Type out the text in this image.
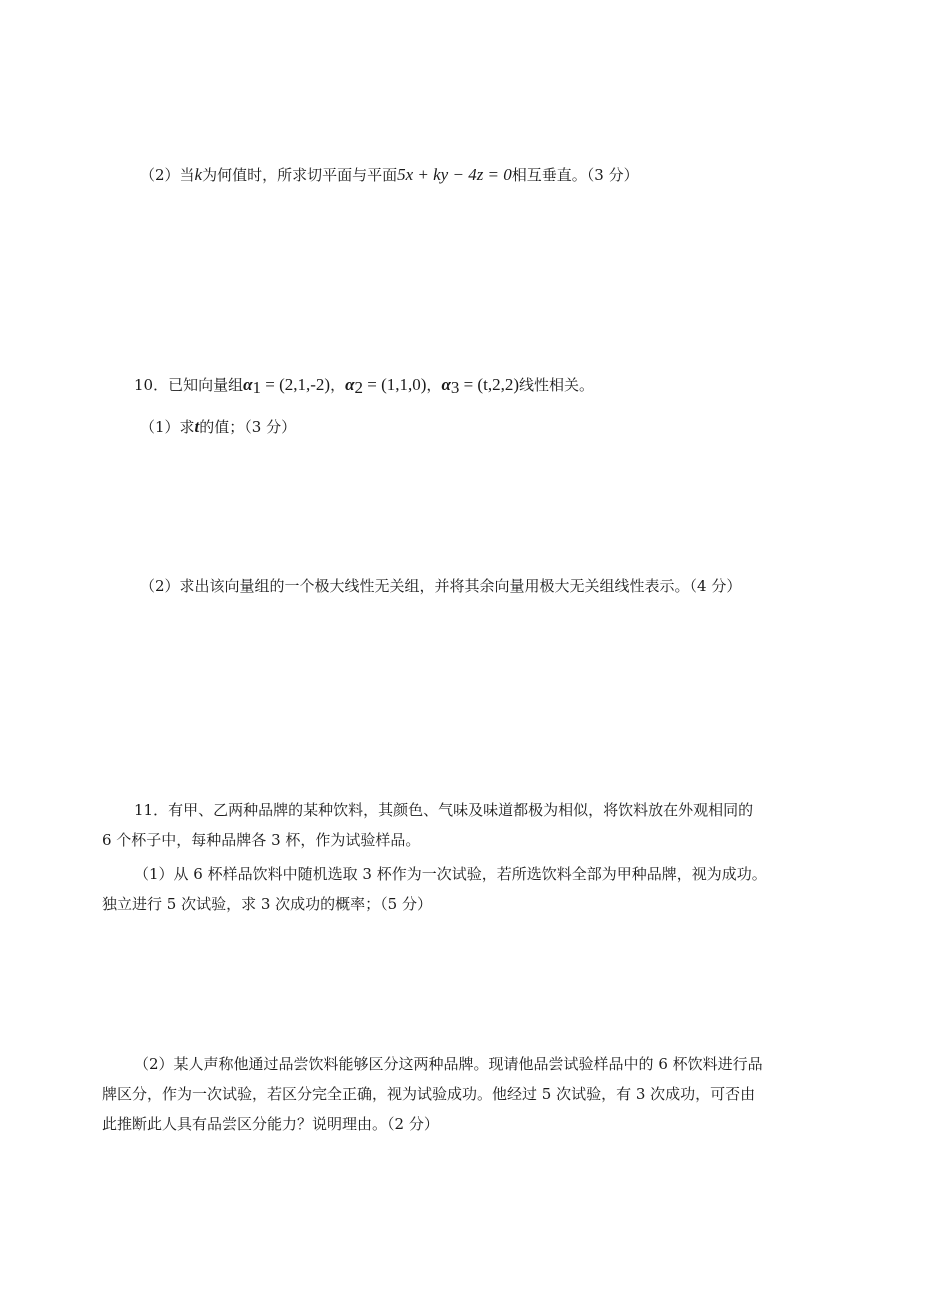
（2）当k为何值时，所求切平面与平面5x + ky − 4z = 0相互垂直。（3 分）
10．已知向量组$\alpha_1 = (2,1,-2)$，$\alpha_2 = (1,1,0)$，$\alpha_3 = (t,2,2)$线性相关。
（1）求t的值；（3 分）
（2）求出该向量组的一个极大线性无关组，并将其余向量用极大无关组线性表示。（4 分）
11．有甲、乙两种品牌的某种饮料，其颜色、气味及味道都极为相似，将饮料放在外观相同的
6 个杯子中，每种品牌各 3 杯，作为试验样品。
（1）从 6 杯样品饮料中随机选取 3 杯作为一次试验，若所选饮料全部为甲种品牌，视为成功。
独立进行 5 次试验，求 3 次成功的概率；（5 分）
（2）某人声称他通过品尝饮料能够区分这两种品牌。现请他品尝试验样品中的 6 杯饮料进行品
牌区分，作为一次试验，若区分完全正确，视为试验成功。他经过 5 次试验，有 3 次成功，可否由
此推断此人具有品尝区分能力？说明理由。（2 分）
